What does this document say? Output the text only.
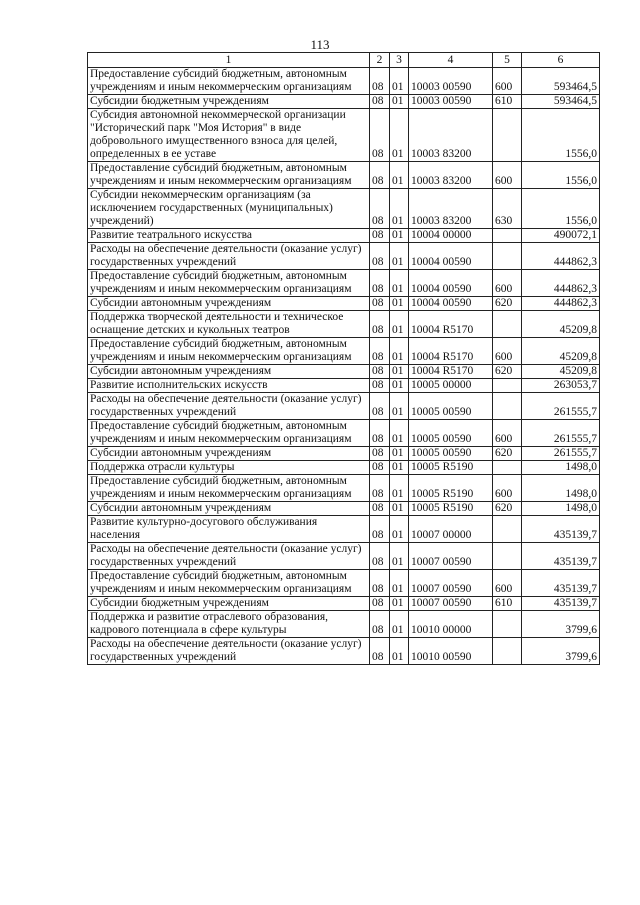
113
1	2	3	4	5	6
Предоставление субсидий бюджетным, автономным учреждениям и иным некоммерческим организациям	08	01	10003 00590	600	593464,5
Субсидии бюджетным учреждениям	08	01	10003 00590	610	593464,5
Субсидия автономной некоммерческой организации "Исторический парк "Моя История" в виде добровольного имущественного взноса для целей, определенных в ее уставе	08	01	10003 83200		1556,0
Предоставление субсидий бюджетным, автономным учреждениям и иным некоммерческим организациям	08	01	10003 83200	600	1556,0
Субсидии некоммерческим организациям (за исключением государственных (муниципальных) учреждений)	08	01	10003 83200	630	1556,0
Развитие театрального искусства	08	01	10004 00000		490072,1
Расходы на обеспечение деятельности (оказание услуг) государственных учреждений	08	01	10004 00590		444862,3
Предоставление субсидий бюджетным, автономным учреждениям и иным некоммерческим организациям	08	01	10004 00590	600	444862,3
Субсидии автономным учреждениям	08	01	10004 00590	620	444862,3
Поддержка творческой деятельности и техническое оснащение детских и кукольных театров	08	01	10004 R5170		45209,8
Предоставление субсидий бюджетным, автономным учреждениям и иным некоммерческим организациям	08	01	10004 R5170	600	45209,8
Субсидии автономным учреждениям	08	01	10004 R5170	620	45209,8
Развитие исполнительских искусств	08	01	10005 00000		263053,7
Расходы на обеспечение деятельности (оказание услуг) государственных учреждений	08	01	10005 00590		261555,7
Предоставление субсидий бюджетным, автономным учреждениям и иным некоммерческим организациям	08	01	10005 00590	600	261555,7
Субсидии автономным учреждениям	08	01	10005 00590	620	261555,7
Поддержка отрасли культуры	08	01	10005 R5190		1498,0
Предоставление субсидий бюджетным, автономным учреждениям и иным некоммерческим организациям	08	01	10005 R5190	600	1498,0
Субсидии автономным учреждениям	08	01	10005 R5190	620	1498,0
Развитие культурно-досугового обслуживания населения	08	01	10007 00000		435139,7
Расходы на обеспечение деятельности (оказание услуг) государственных учреждений	08	01	10007 00590		435139,7
Предоставление субсидий бюджетным, автономным учреждениям и иным некоммерческим организациям	08	01	10007 00590	600	435139,7
Субсидии бюджетным учреждениям	08	01	10007 00590	610	435139,7
Поддержка и развитие отраслевого образования, кадрового потенциала в сфере культуры	08	01	10010 00000		3799,6
Расходы на обеспечение деятельности (оказание услуг) государственных учреждений	08	01	10010 00590		3799,6
